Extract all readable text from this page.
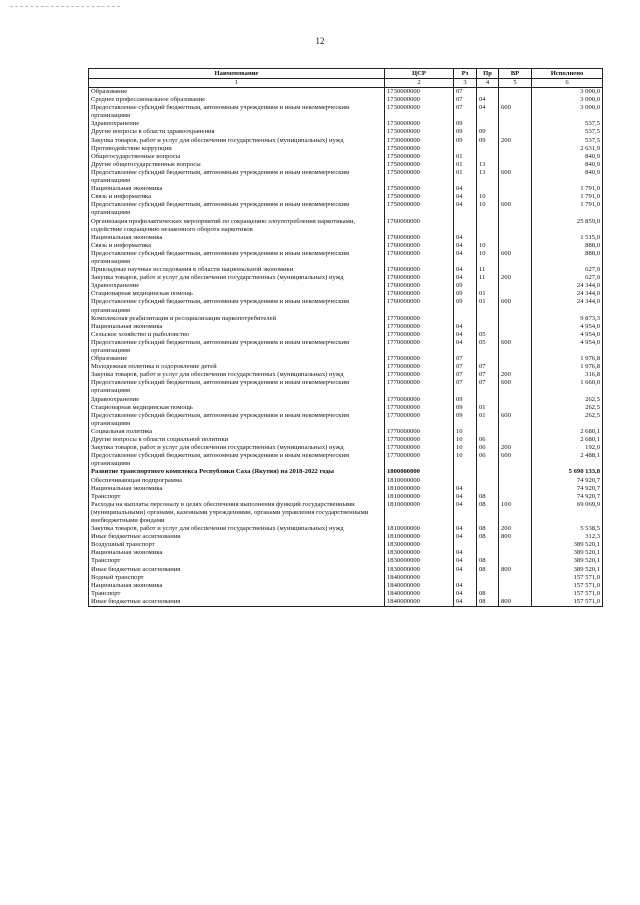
12
Наименование	ЦСР	Рз	Пр	ВР	Исполнено
1	2	3	4	5	6
Образование	1730000000	07			3 000,0
Среднее профессиональное образование	1730000000	07	04		3 000,0
Предоставление субсидий бюджетным, автономным учреждениям и иным некоммерческим организациям	1730000000	07	04	600	3 000,0
Здравоохранение	1730000000	09			537,5
Другие вопросы в области здравоохранения	1730000000	09	09		537,5
Закупка товаров, работ и услуг для обеспечения государственных (муниципальных) нужд	1730000000	09	09	200	537,5
Противодействие коррупции	1750000000				2 631,9
Общегосударственные вопросы	1750000000	01			840,9
Другие общегосударственные вопросы	1750000000	01	13		840,9
Предоставление субсидий бюджетным, автономным учреждениям и иным некоммерческим организациям	1750000000	01	13	600	840,9
Национальная экономика	1750000000	04			1 791,0
Связь и информатика	1750000000	04	10		1 791,0
Предоставление субсидий бюджетным, автономным учреждениям и иным некоммерческим организациям	1750000000	04	10	600	1 791,0
Организация профилактических мероприятий по сокращению злоупотребления наркотиками, содействие сокращению незаконного оборота наркотиков	1760000000				25 859,0
Национальная экономика	1760000000	04			1 515,0
Связь и информатика	1760000000	04	10		888,0
Предоставление субсидий бюджетным, автономным учреждениям и иным некоммерческим организациям	1760000000	04	10	600	888,0
Прикладные научные исследования в области национальной экономики	1760000000	04	11		627,0
Закупка товаров, работ и услуг для обеспечения государственных (муниципальных) нужд	1760000000	04	11	200	627,0
Здравоохранение	1760000000	09			24 344,0
Стационарная медицинская помощь	1760000000	09	01		24 344,0
Предоставление субсидий бюджетным, автономным учреждениям и иным некоммерческим организациям	1760000000	09	01	600	24 344,0
Комплексная реабилитация и ресоциализация наркопотребителей	1770000000				9 873,3
Национальная экономика	1770000000	04			4 954,0
Сельское хозяйство и рыболовство	1770000000	04	05		4 954,0
Предоставление субсидий бюджетным, автономным учреждениям и иным некоммерческим организациям	1770000000	04	05	600	4 954,0
Образование	1770000000	07			1 976,8
Молодежная политика и оздоровление детей	1770000000	07	07		1 976,8
Закупка товаров, работ и услуг для обеспечения государственных (муниципальных) нужд	1770000000	07	07	200	316,8
Предоставление субсидий бюджетным, автономным учреждениям и иным некоммерческим организациям	1770000000	07	07	600	1 660,0
Здравоохранение	1770000000	09			262,5
Стационарная медицинская помощь	1770000000	09	01		262,5
Предоставление субсидий бюджетным, автономным учреждениям и иным некоммерческим организациям	1770000000	09	01	600	262,5
Социальная политика	1770000000	10			2 680,1
Другие вопросы в области социальной политики	1770000000	10	06		2 680,1
Закупка товаров, работ и услуг для обеспечения государственных (муниципальных) нужд	1770000000	10	06	200	192,0
Предоставление субсидий бюджетным, автономным учреждениям и иным некоммерческим организациям	1770000000	10	06	600	2 488,1
Развитие транспортного комплекса Республики Саха (Якутия) на 2018-2022 годы	1800000000				5 690 133,8
Обеспечивающая подпрограмма	1810000000				74 920,7
Национальная экономика	1810000000	04			74 920,7
Транспорт	1810000000	04	08		74 920,7
Расходы на выплаты персоналу в целях обеспечения выполнения функций государственными (муниципальными) органами, казенными учреждениями, органами управления государственными внебюджетными фондами	1810000000	04	08	100	69 069,9
Закупка товаров, работ и услуг для обеспечения государственных (муниципальных) нужд	1810000000	04	08	200	5 538,5
Иные бюджетные ассигнования	1810000000	04	08	800	312,3
Воздушный транспорт	1830000000				389 520,1
Национальная экономика	1830000000	04			389 520,1
Транспорт	1830000000	04	08		389 520,1
Иные бюджетные ассигнования	1830000000	04	08	800	389 520,1
Водный транспорт	1840000000				157 571,0
Национальная экономика	1840000000	04			157 571,0
Транспорт	1840000000	04	08		157 571,0
Иные бюджетные ассигнования	1840000000	04	08	800	157 571,0
